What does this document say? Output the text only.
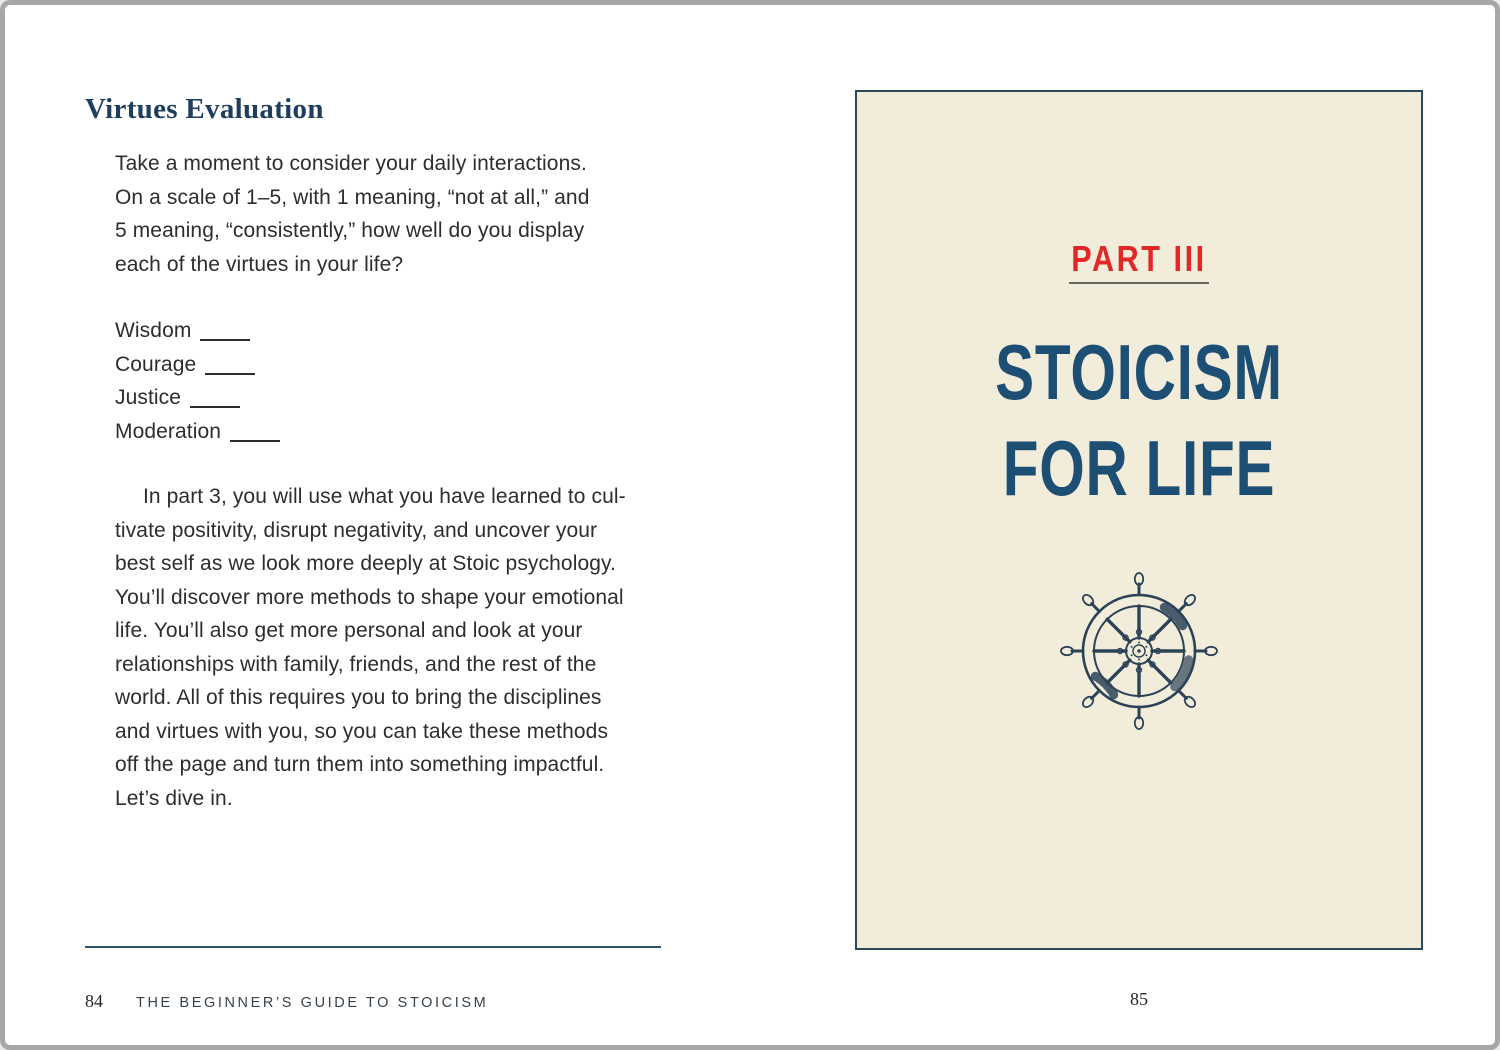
Virtues Evaluation
Take a moment to consider your daily interactions.
On a scale of 1–5, with 1 meaning, “not at all,” and
5 meaning, “consistently,” how well do you display
each of the virtues in your life?
Wisdom
Courage
Justice
Moderation
In part 3, you will use what you have learned to cul-
tivate positivity, disrupt negativity, and uncover your
best self as we look more deeply at Stoic psychology.
You’ll discover more methods to shape your emotional
life. You’ll also get more personal and look at your
relationships with family, friends, and the rest of the
world. All of this requires you to bring the disciplines
and virtues with you, so you can take these methods
off the page and turn them into something impactful.
Let’s dive in.
84 THE BEGINNER’S GUIDE TO STOICISM
PART III
STOICISM
FOR LIFE
85
